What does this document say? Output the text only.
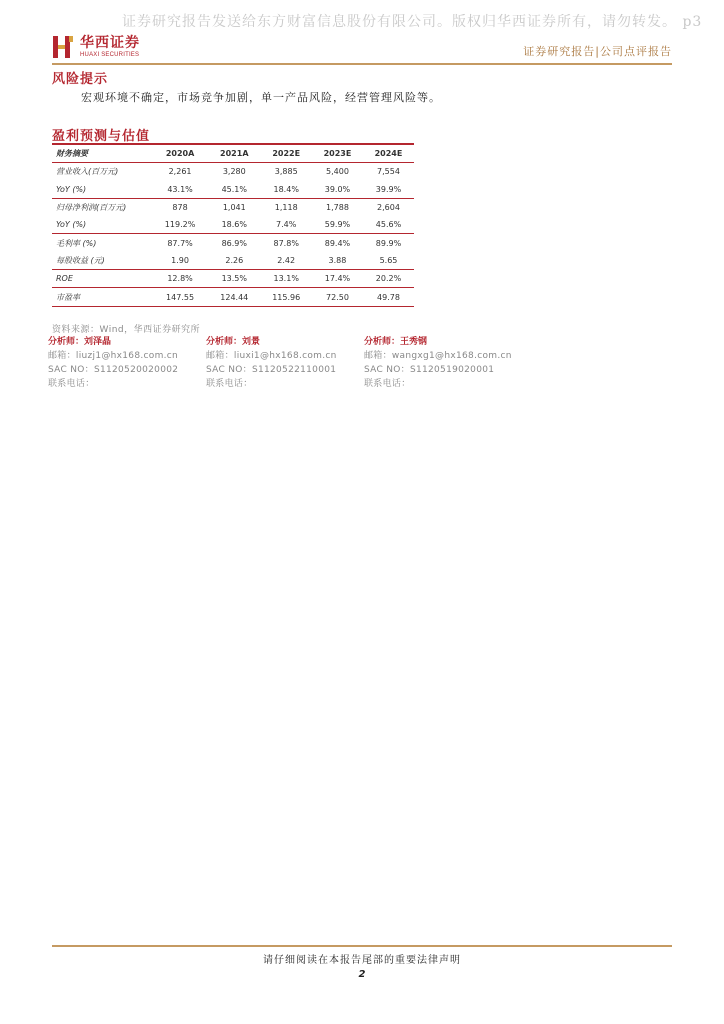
证券研究报告发送给东方财富信息股份有限公司。版权归华西证券所有，请勿转发。 p3
华西证券
HUAXI SECURITIES	证券研究报告|公司点评报告
风险提示
宏观环境不确定，市场竞争加剧，单一产品风险，经营管理风险等。
盈利预测与估值
财务摘要	2020A	2021A	2022E	2023E	2024E
营业收入(百万元)	2,261	3,280	3,885	5,400	7,554
YoY (%)	43.1%	45.1%	18.4%	39.0%	39.9%
归母净利润(百万元)	878	1,041	1,118	1,788	2,604
YoY (%)	119.2%	18.6%	7.4%	59.9%	45.6%
毛利率 (%)	87.7%	86.9%	87.8%	89.4%	89.9%
每股收益 (元)	1.90	2.26	2.42	3.88	5.65
ROE	12.8%	13.5%	13.1%	17.4%	20.2%
市盈率	147.55	124.44	115.96	72.50	49.78
资料来源：Wind，华西证券研究所
分析师：刘泽晶
邮箱：liuzj1@hx168.com.cn
SAC NO：S1120520020002
联系电话：
分析师：刘景
邮箱：liuxi1@hx168.com.cn
SAC NO：S1120522110001
联系电话：
分析师：王秀钢
邮箱：wangxg1@hx168.com.cn
SAC NO：S1120519020001
联系电话：
请仔细阅读在本报告尾部的重要法律声明
2
